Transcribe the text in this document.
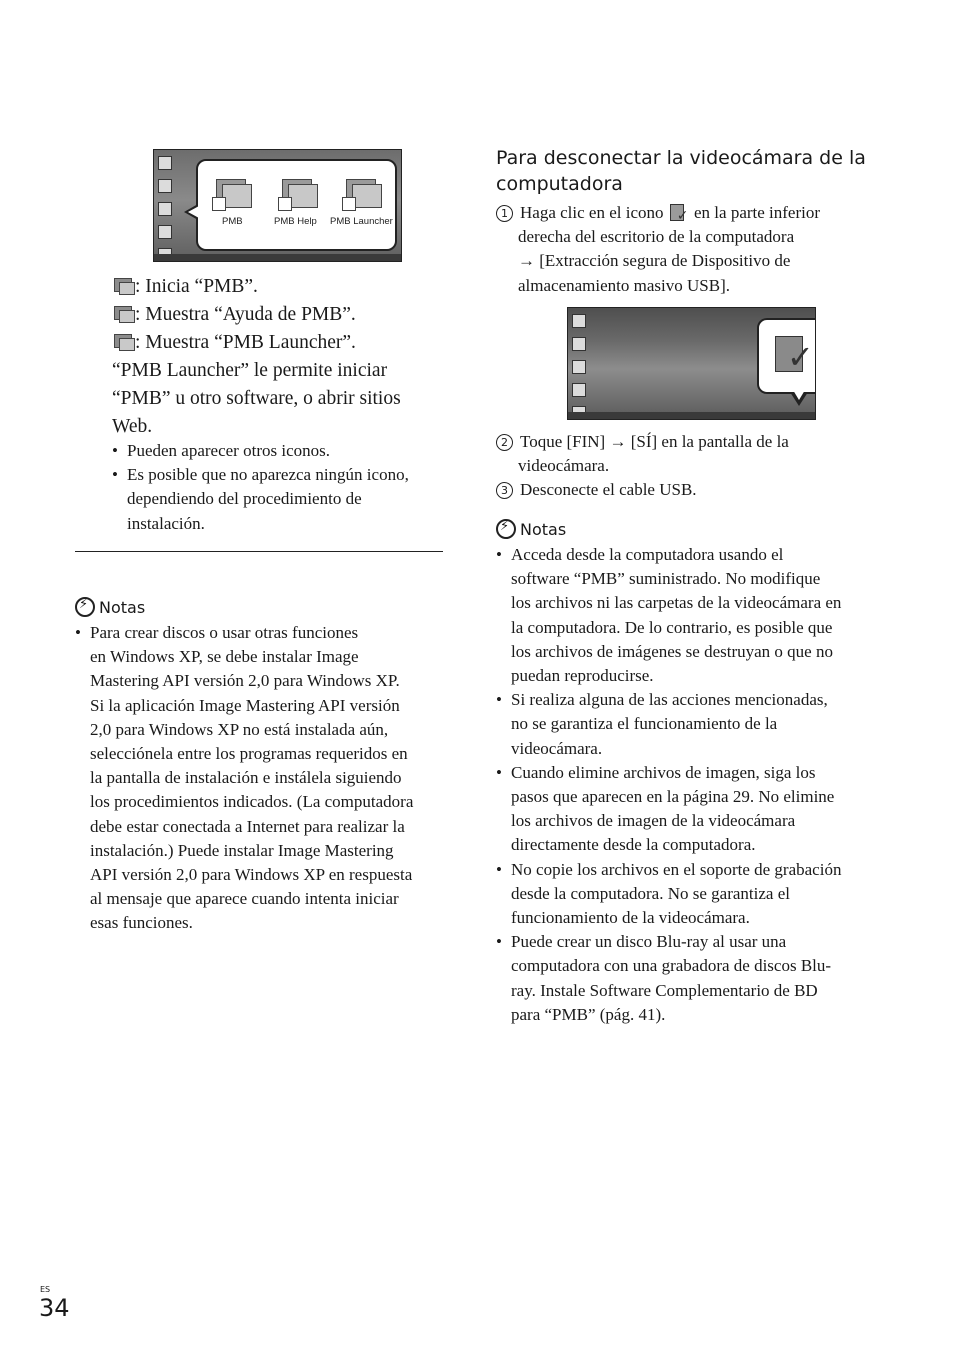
PMB	PMB Help PMB Launcher
: Inicia “PMB”.
: Muestra “Ayuda de PMB”.
: Muestra “PMB Launcher”.
“PMB Launcher” le permite iniciar
“PMB” u otro software, o abrir sitios
Web.
• Pueden aparecer otros iconos.
• Es posible que no aparezca ningún icono,
dependiendo del procedimiento de
instalación.
⚡
Notas
• Para crear discos o usar otras funciones
en Windows XP, se debe instalar Image
Mastering API versión 2,0 para Windows XP.
Si la aplicación Image Mastering API versión
2,0 para Windows XP no está instalada aún,
selecciónela entre los programas requeridos en
la pantalla de instalación e instálela siguiendo
los procedimientos indicados. (La computadora
debe estar conectada a Internet para realizar la
instalación.) Puede instalar Image Mastering
API versión 2,0 para Windows XP en respuesta
al mensaje que aparece cuando intenta iniciar
esas funciones.
Para desconectar la videocámara de la
computadora
1 Haga clic en el icono ✓ en la parte inferior
derecha del escritorio de la computadora
→ [Extracción segura de Dispositivo de
almacenamiento masivo USB].
✓
2 Toque [FIN] → [SÍ] en la pantalla de la
videocámara.
3 Desconecte el cable USB.
⚡
Notas
• Acceda desde la computadora usando el
software “PMB” suministrado. No modifique
los archivos ni las carpetas de la videocámara en
la computadora. De lo contrario, es posible que
los archivos de imágenes se destruyan o que no
puedan reproducirse.
• Si realiza alguna de las acciones mencionadas,
no se garantiza el funcionamiento de la
videocámara.
• Cuando elimine archivos de imagen, siga los
pasos que aparecen en la página 29. No elimine
los archivos de imagen de la videocámara
directamente desde la computadora.
• No copie los archivos en el soporte de grabación
desde la computadora. No se garantiza el
funcionamiento de la videocámara.
• Puede crear un disco Blu-ray al usar una
computadora con una grabadora de discos Blu-
ray. Instale Software Complementario de BD
para “PMB” (pág. 41).
ES
34
